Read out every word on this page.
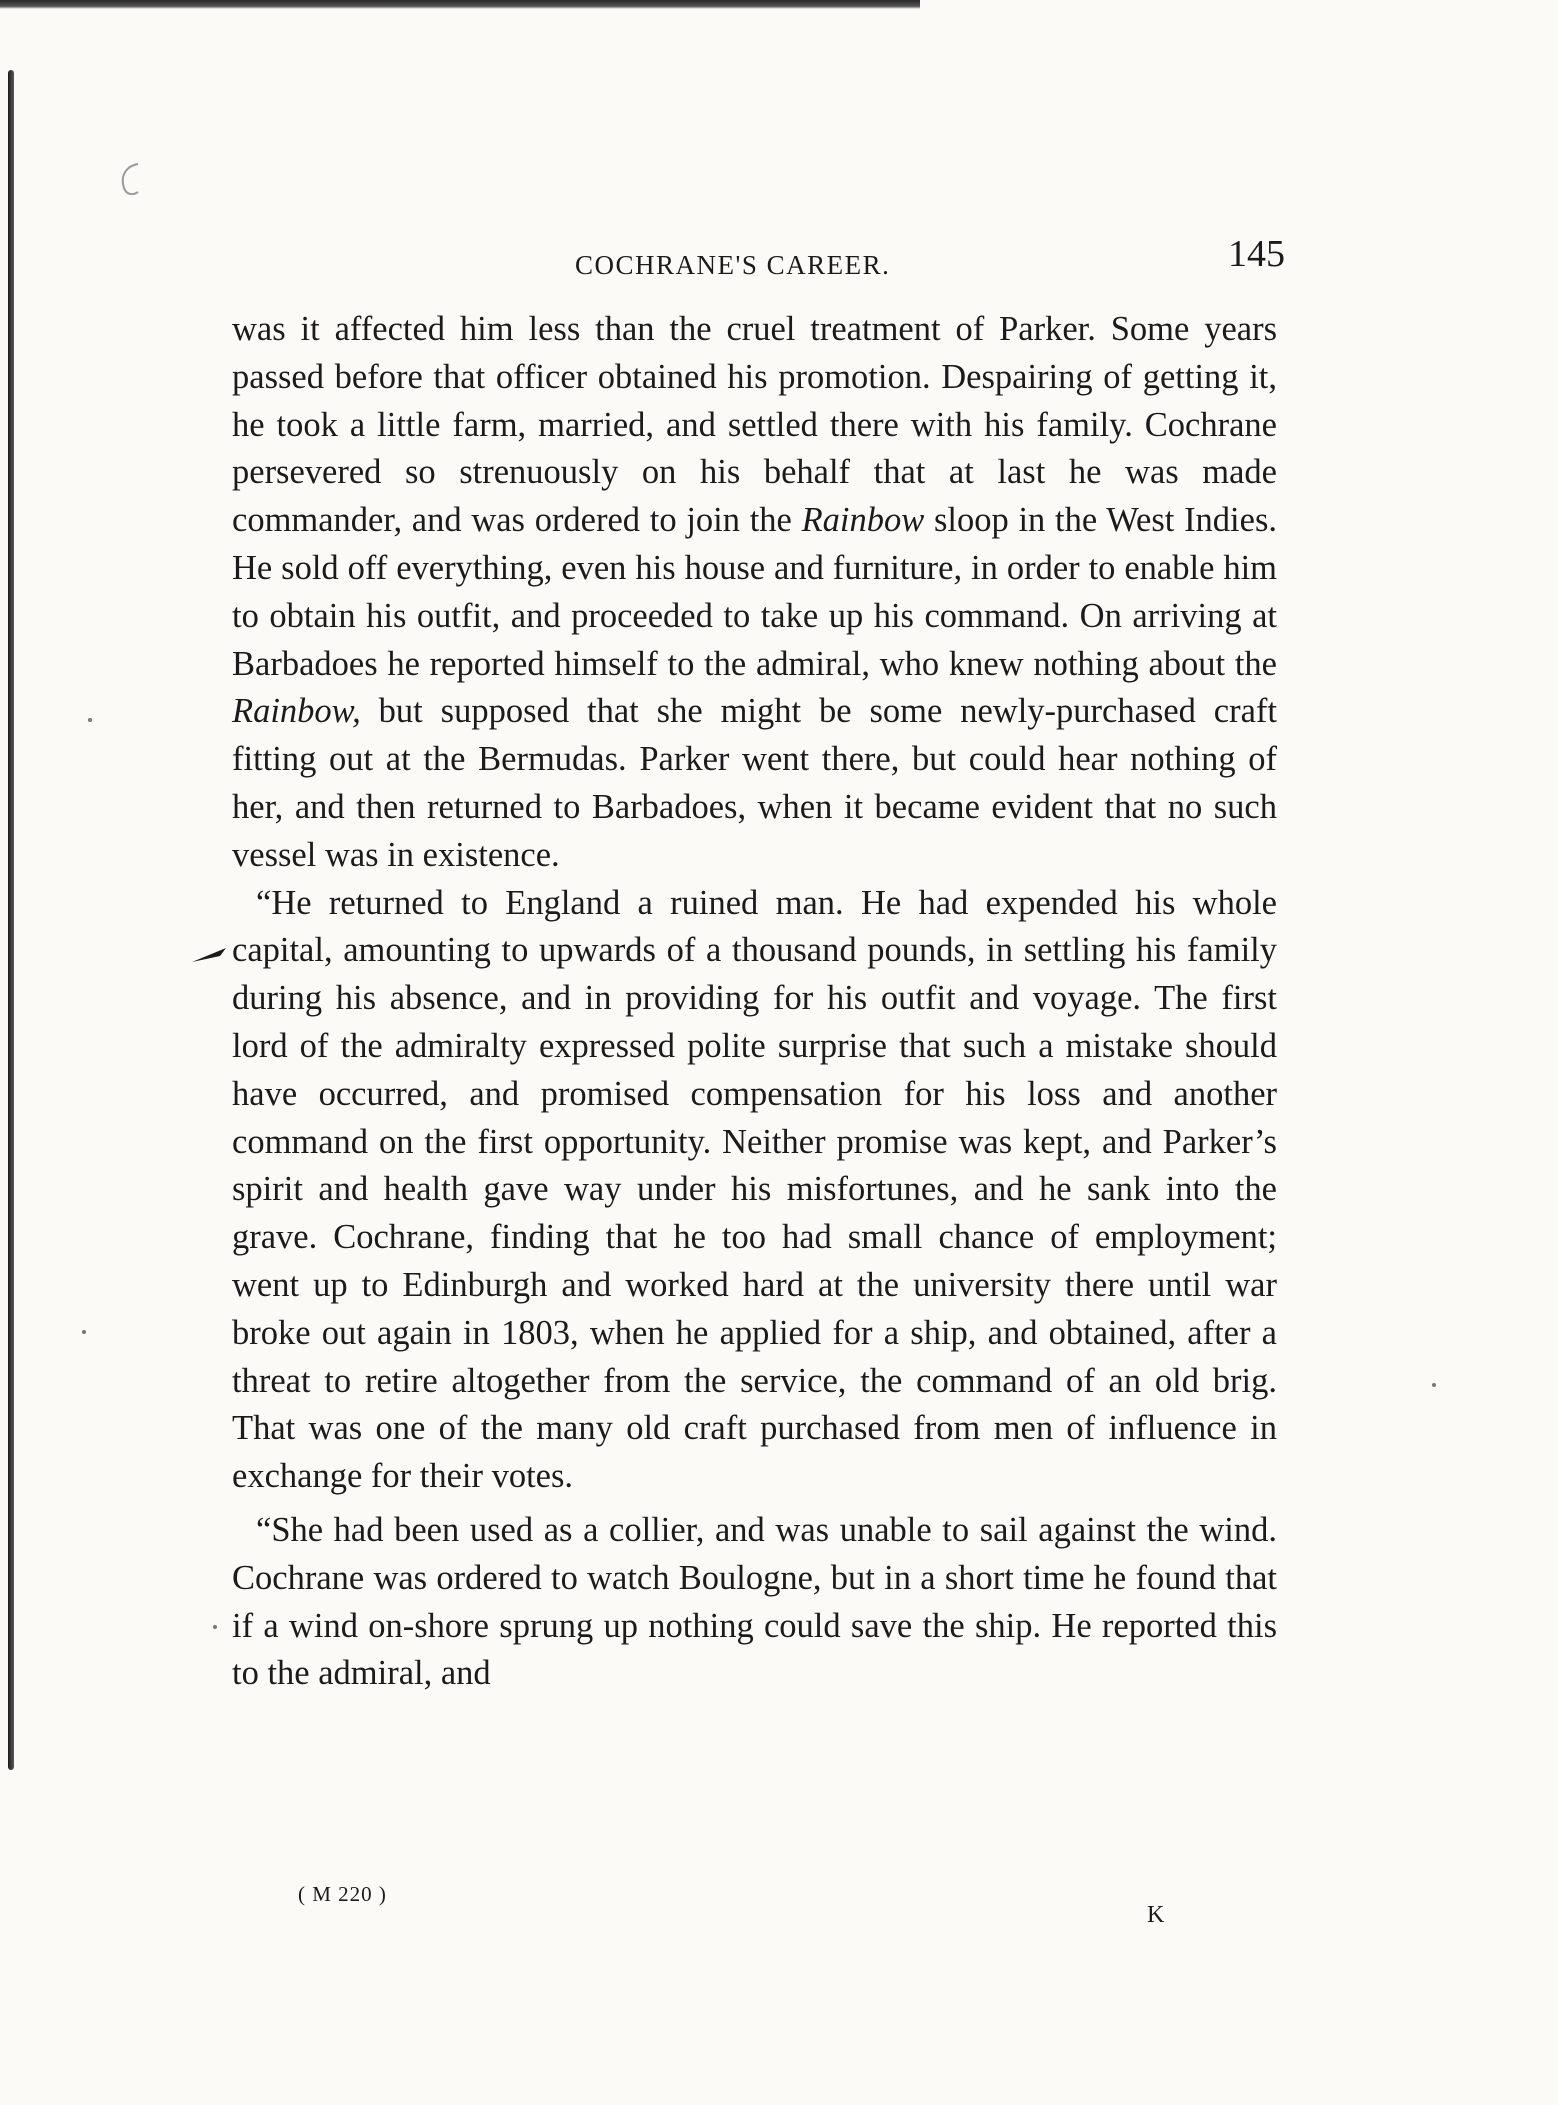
COCHRANE'S CAREER.	145

was it affected him less than the cruel treatment of Parker. Some years passed before that officer obtained his promotion. Despairing of getting it, he took a little farm, married, and settled there with his family. Cochrane persevered so strenuously on his behalf that at last he was made commander, and was ordered to join the Rainbow sloop in the West Indies. He sold off everything, even his house and furniture, in order to enable him to obtain his outfit, and proceeded to take up his command. On arriving at Barbadoes he reported himself to the admiral, who knew nothing about the Rainbow, but supposed that she might be some newly-purchased craft fitting out at the Bermudas. Parker went there, but could hear nothing of her, and then returned to Barbadoes, when it became evident that no such vessel was in existence.

“He returned to England a ruined man. He had expended his whole capital, amounting to upwards of a thousand pounds, in settling his family during his absence, and in providing for his outfit and voyage. The first lord of the admiralty expressed polite surprise that such a mistake should have occurred, and promised compensation for his loss and another command on the first opportunity. Neither promise was kept, and Parker’s spirit and health gave way under his misfortunes, and he sank into the grave. Cochrane, finding that he too had small chance of employment; went up to Edinburgh and worked hard at the university there until war broke out again in 1803, when he applied for a ship, and obtained, after a threat to retire altogether from the service, the command of an old brig. That was one of the many old craft purchased from men of influence in exchange for their votes.

“She had been used as a collier, and was unable to sail against the wind. Cochrane was ordered to watch Boulogne, but in a short time he found that if a wind on-shore sprung up nothing could save the ship. He reported this to the admiral, and

( M 220 )
K
